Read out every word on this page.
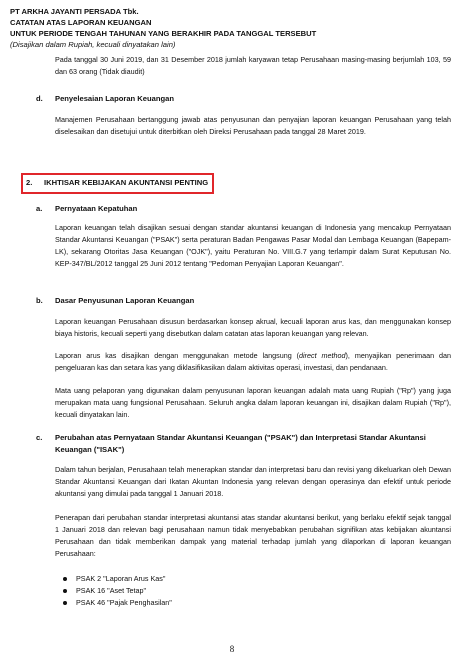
PT ARKHA JAYANTI PERSADA Tbk.
CATATAN ATAS LAPORAN KEUANGAN
UNTUK PERIODE TENGAH TAHUNAN YANG BERAKHIR PADA TANGGAL TERSEBUT
(Disajikan dalam Rupiah, kecuali dinyatakan lain)
Pada tanggal 30 Juni 2019, dan 31 Desember 2018 jumlah karyawan tetap Perusahaan masing-masing berjumlah 103, 59 dan 63 orang (Tidak diaudit)
d. Penyelesaian Laporan Keuangan
Manajemen Perusahaan bertanggung jawab atas penyusunan dan penyajian laporan keuangan Perusahaan yang telah diselesaikan dan disetujui untuk diterbitkan oleh Direksi Perusahaan pada tanggal 28 Maret 2019.
2. IKHTISAR KEBIJAKAN AKUNTANSI PENTING
a. Pernyataan Kepatuhan
Laporan keuangan telah disajikan sesuai dengan standar akuntansi keuangan di Indonesia yang mencakup Pernyataan Standar Akuntansi Keuangan ("PSAK") serta peraturan Badan Pengawas Pasar Modal dan Lembaga Keuangan (Bapepam-LK), sekarang Otoritas Jasa Keuangan ("OJK"), yaitu Peraturan No. VIII.G.7 yang terlampir dalam Surat Keputusan No. KEP-347/BL/2012 tanggal 25 Juni 2012 tentang "Pedoman Penyajian Laporan Keuangan".
b. Dasar Penyusunan Laporan Keuangan
Laporan keuangan Perusahaan disusun berdasarkan konsep akrual, kecuali laporan arus kas, dan menggunakan konsep biaya historis, kecuali seperti yang disebutkan dalam catatan atas laporan keuangan yang relevan.
Laporan arus kas disajikan dengan menggunakan metode langsung (direct method), menyajikan penerimaan dan pengeluaran kas dan setara kas yang diklasifikasikan dalam aktivitas operasi, investasi, dan pendanaan.
Mata uang pelaporan yang digunakan dalam penyusunan laporan keuangan adalah mata uang Rupiah ("Rp") yang juga merupakan mata uang fungsional Perusahaan. Seluruh angka dalam laporan keuangan ini, disajikan dalam Rupiah ("Rp"), kecuali dinyatakan lain.
c. Perubahan atas Pernyataan Standar Akuntansi Keuangan ("PSAK") dan Interpretasi Standar Akuntansi
Keuangan ("ISAK")
Dalam tahun berjalan, Perusahaan telah menerapkan standar dan interpretasi baru dan revisi yang dikeluarkan oleh Dewan Standar Akuntansi Keuangan dari Ikatan Akuntan Indonesia yang relevan dengan operasinya dan efektif untuk periode akuntansi yang dimulai pada tanggal 1 Januari 2018.
Penerapan dari perubahan standar interpretasi akuntansi atas standar akuntansi berikut, yang berlaku efektif sejak tanggal 1 Januari 2018 dan relevan bagi perusahaan namun tidak menyebabkan perubahan signifikan atas kebijakan akuntansi Perusahaan dan tidak memberikan dampak yang material terhadap jumlah yang dilaporkan di laporan keuangan Perusahaan:
PSAK 2 "Laporan Arus Kas"
PSAK 16 "Aset Tetap"
PSAK 46 "Pajak Penghasilan"
8
